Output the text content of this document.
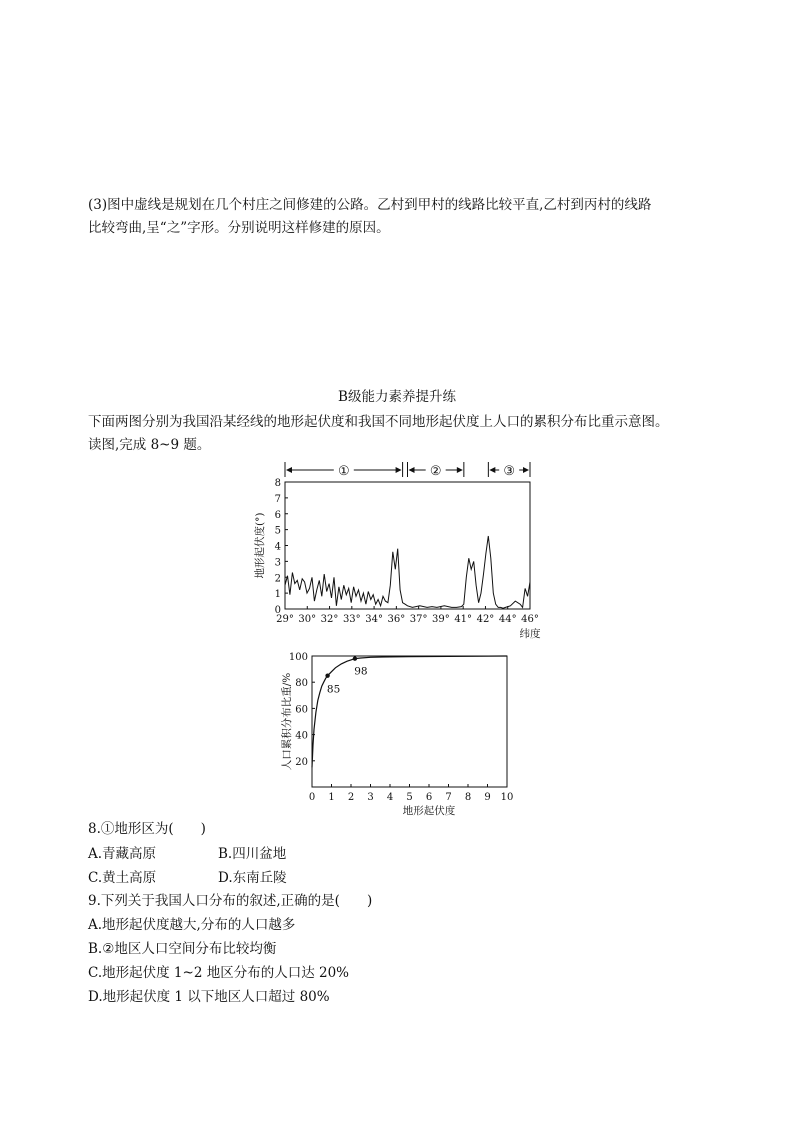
(3)图中虚线是规划在几个村庄之间修建的公路。乙村到甲村的线路比较平直,乙村到丙村的线路
比较弯曲,呈“之”字形。分别说明这样修建的原因。
B级能力素养提升练
下面两图分别为我国沿某经线的地形起伏度和我国不同地形起伏度上人口的累积分布比重示意图。
读图,完成 8~9 题。
①	②	③
0
1
2
3
4
5
6
7
8
地形起伏度(°)
29° 30° 32° 33° 34° 36° 37° 39° 41° 42° 44° 46°
纬度
20
40
60
80
100
0 1 2 3 4 5 6 7 8 9 10
人口累积分布比重/%
地形起伏度
85
98
8.①地形区为(　　)
A.青藏高原	B.四川盆地
C.黄土高原	D.东南丘陵
9.下列关于我国人口分布的叙述,正确的是(　　)
A.地形起伏度越大,分布的人口越多
B.②地区人口空间分布比较均衡
C.地形起伏度 1~2 地区分布的人口达 20%
D.地形起伏度 1 以下地区人口超过 80%
